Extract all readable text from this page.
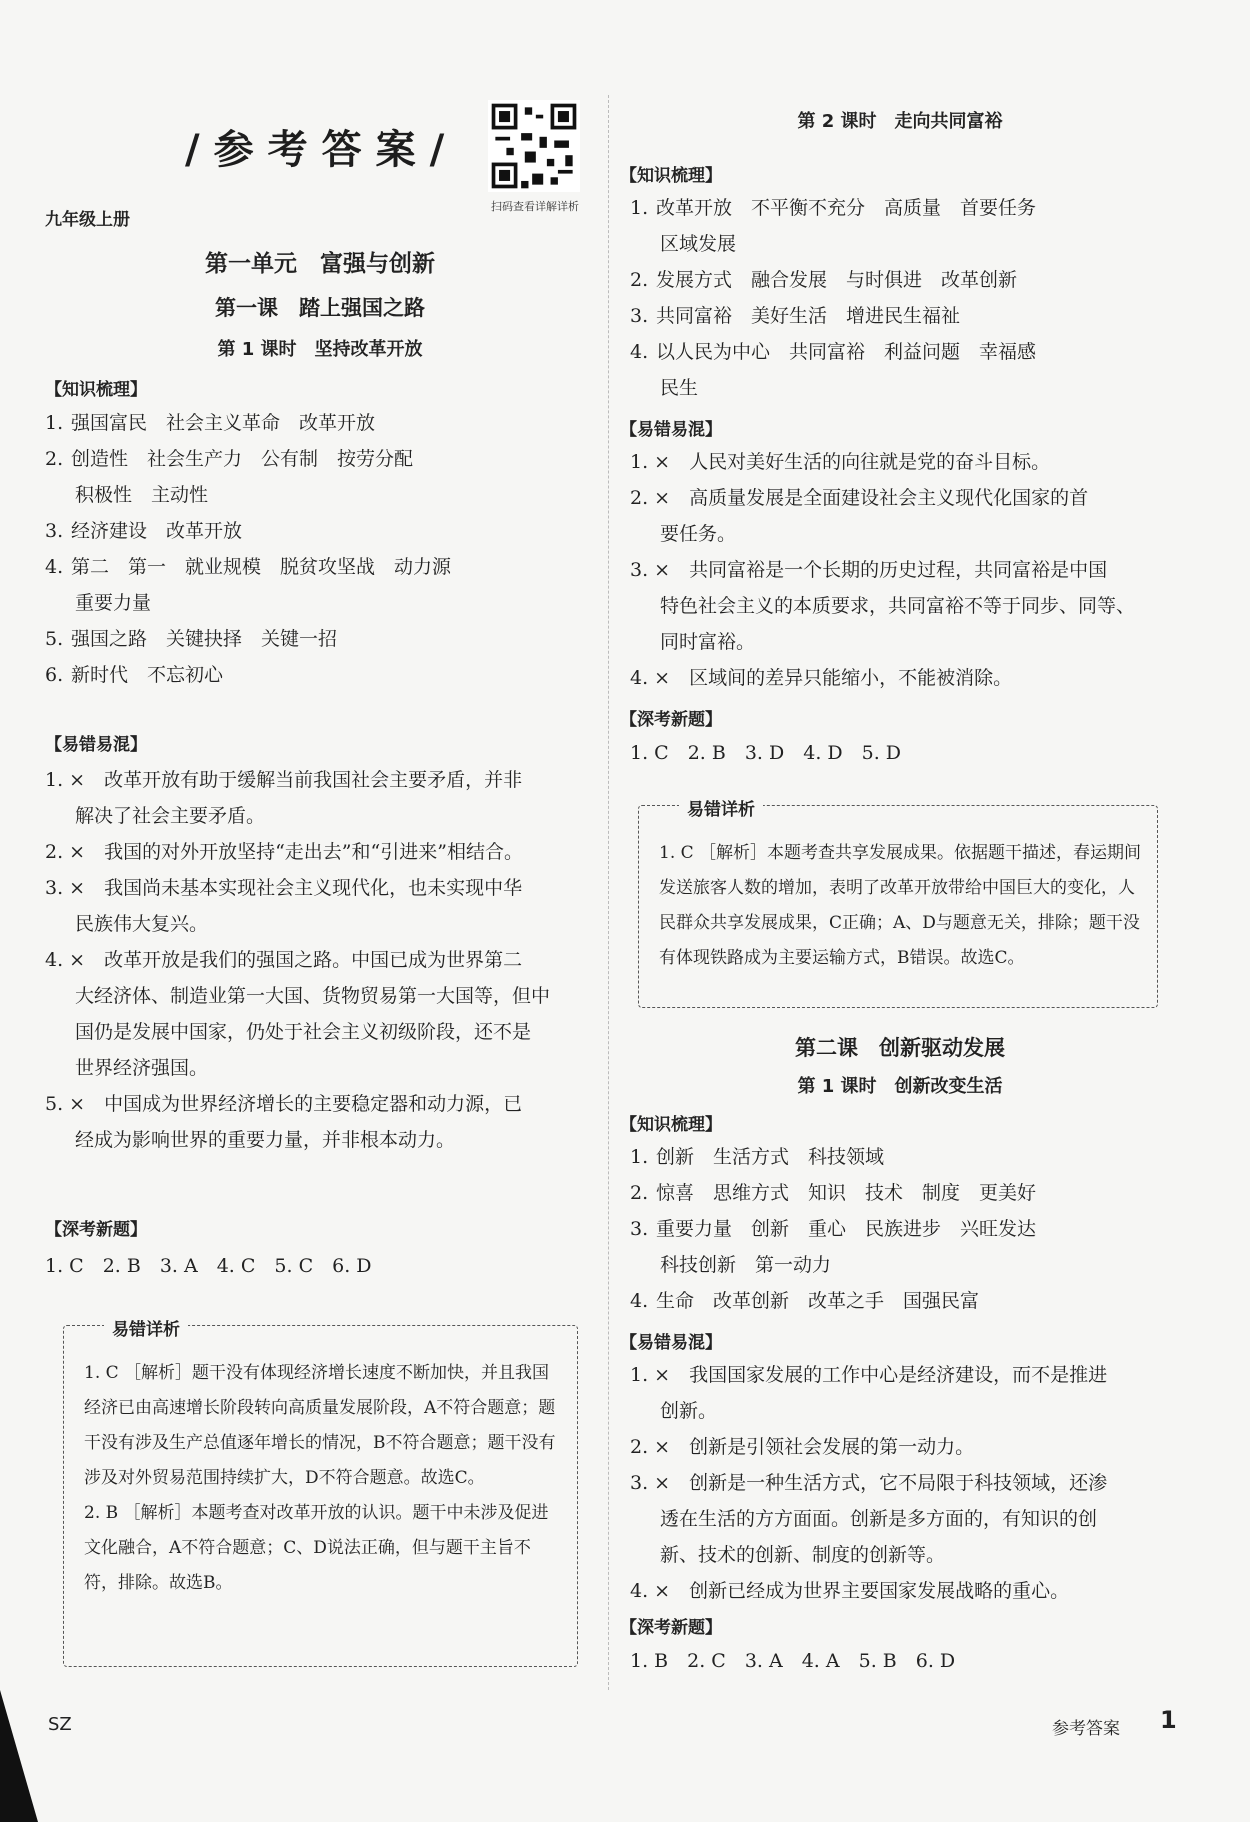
/参考答案/
扫码查看详解详析
九年级上册
第一单元　富强与创新
第一课　踏上强国之路
第 1 课时　坚持改革开放
【知识梳理】
1. 强国富民　社会主义革命　改革开放
2. 创造性　社会生产力　公有制　按劳分配
积极性　主动性
3. 经济建设　改革开放
4. 第二　第一　就业规模　脱贫攻坚战　动力源
重要力量
5. 强国之路　关键抉择　关键一招
6. 新时代　不忘初心
【易错易混】
1. ×　改革开放有助于缓解当前我国社会主要矛盾，并非
解决了社会主要矛盾。
2. ×　我国的对外开放坚持“走出去”和“引进来”相结合。
3. ×　我国尚未基本实现社会主义现代化，也未实现中华
民族伟大复兴。
4. ×　改革开放是我们的强国之路。中国已成为世界第二
大经济体、制造业第一大国、货物贸易第一大国等，但中
国仍是发展中国家，仍处于社会主义初级阶段，还不是
世界经济强国。
5. ×　中国成为世界经济增长的主要稳定器和动力源，已
经成为影响世界的重要力量，并非根本动力。
【深考新题】
1. C　2. B　3. A　4. C　5. C　6. D
易错详析

1. C ［解析］题干没有体现经济增长速度不断加快，并且我国经济已由高速增长阶段转向高质量发展阶段，A不符合题意；题干没有涉及生产总值逐年增长的情况，B不符合题意；题干没有涉及对外贸易范围持续扩大，D不符合题意。故选C。

2. B ［解析］本题考查对改革开放的认识。题干中未涉及促进文化融合，A不符合题意；C、D说法正确，但与题干主旨不符，排除。故选B。

第 2 课时　走向共同富裕
【知识梳理】
1. 改革开放　不平衡不充分　高质量　首要任务
区域发展
2. 发展方式　融合发展　与时俱进　改革创新
3. 共同富裕　美好生活　增进民生福祉
4. 以人民为中心　共同富裕　利益问题　幸福感
民生
【易错易混】
1. ×　人民对美好生活的向往就是党的奋斗目标。
2. ×　高质量发展是全面建设社会主义现代化国家的首
要任务。
3. ×　共同富裕是一个长期的历史过程，共同富裕是中国
特色社会主义的本质要求，共同富裕不等于同步、同等、
同时富裕。
4. ×　区域间的差异只能缩小，不能被消除。
【深考新题】
1. C　2. B　3. D　4. D　5. D
易错详析

1. C ［解析］本题考查共享发展成果。依据题干描述，春运期间发送旅客人数的增加，表明了改革开放带给中国巨大的变化，人民群众共享发展成果，C正确；A、D与题意无关，排除；题干没有体现铁路成为主要运输方式，B错误。故选C。

第二课　创新驱动发展
第 1 课时　创新改变生活
【知识梳理】
1. 创新　生活方式　科技领域
2. 惊喜　思维方式　知识　技术　制度　更美好
3. 重要力量　创新　重心　民族进步　兴旺发达
科技创新　第一动力
4. 生命　改革创新　改革之手　国强民富
【易错易混】
1. ×　我国国家发展的工作中心是经济建设，而不是推进
创新。
2. ×　创新是引领社会发展的第一动力。
3. ×　创新是一种生活方式，它不局限于科技领域，还渗
透在生活的方方面面。创新是多方面的，有知识的创
新、技术的创新、制度的创新等。
4. ×　创新已经成为世界主要国家发展战略的重心。
【深考新题】
1. B　2. C　3. A　4. A　5. B　6. D
SZ	参考答案 1
